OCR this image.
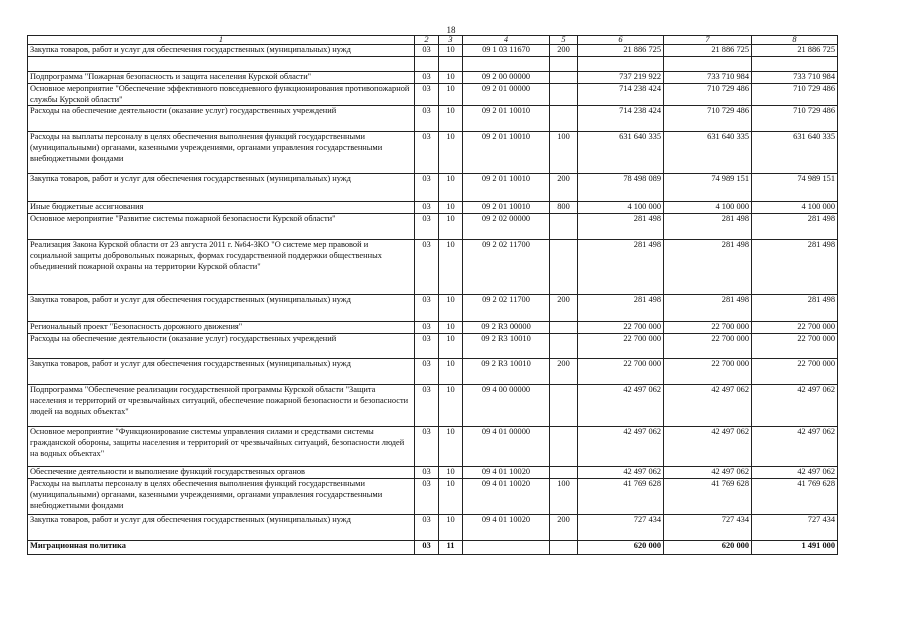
18
1	2	3	4	5	6	7	8
Закупка товаров, работ и услуг для обеспечения государственных (муниципальных) нужд	03	10	09 1 03 11670	200	21 886 725	21 886 725	21 886 725

Подпрограмма "Пожарная безопасность и защита населения Курской области"	03	10	09 2 00 00000		737 219 922	733 710 984	733 710 984
Основное мероприятие "Обеспечение эффективного повседневного функционирования противопожарной службы Курской области"	03	10	09 2 01 00000		714 238 424	710 729 486	710 729 486
Расходы на обеспечение деятельности (оказание услуг) государственных учреждений	03	10	09 2 01 10010		714 238 424	710 729 486	710 729 486
Расходы на выплаты персоналу в целях обеспечения выполнения функций государственными (муниципальными) органами, казенными учреждениями, органами управления государственными внебюджетными фондами	03	10	09 2 01 10010	100	631 640 335	631 640 335	631 640 335
Закупка товаров, работ и услуг для обеспечения государственных (муниципальных) нужд	03	10	09 2 01 10010	200	78 498 089	74 989 151	74 989 151
Иные бюджетные ассигнования	03	10	09 2 01 10010	800	4 100 000	4 100 000	4 100 000
Основное мероприятие "Развитие системы пожарной безопасности Курской области"	03	10	09 2 02 00000		281 498	281 498	281 498
Реализация Закона Курской области от 23 августа 2011 г. №64-ЗКО "О системе мер правовой и социальной защиты добровольных пожарных, формах государственной поддержки общественных объединений пожарной охраны на территории Курской области"	03	10	09 2 02 11700		281 498	281 498	281 498
Закупка товаров, работ и услуг для обеспечения государственных (муниципальных) нужд	03	10	09 2 02 11700	200	281 498	281 498	281 498
Региональный проект "Безопасность дорожного движения"	03	10	09 2 R3 00000		22 700 000	22 700 000	22 700 000
Расходы на обеспечение деятельности (оказание услуг) государственных учреждений	03	10	09 2 R3 10010		22 700 000	22 700 000	22 700 000
Закупка товаров, работ и услуг для обеспечения государственных (муниципальных) нужд	03	10	09 2 R3 10010	200	22 700 000	22 700 000	22 700 000
Подпрограмма "Обеспечение реализации государственной программы Курской области "Защита населения и территорий от чрезвычайных ситуаций, обеспечение пожарной безопасности и безопасности людей на водных объектах"	03	10	09 4 00 00000		42 497 062	42 497 062	42 497 062
Основное мероприятие "Функционирование системы управления силами и средствами системы гражданской обороны, защиты населения и территорий от чрезвычайных ситуаций, безопасности людей на водных объектах"	03	10	09 4 01 00000		42 497 062	42 497 062	42 497 062
Обеспечение деятельности и выполнение функций государственных органов	03	10	09 4 01 10020		42 497 062	42 497 062	42 497 062
Расходы на выплаты персоналу в целях обеспечения выполнения функций государственными (муниципальными) органами, казенными учреждениями, органами управления государственными внебюджетными фондами	03	10	09 4 01 10020	100	41 769 628	41 769 628	41 769 628
Закупка товаров, работ и услуг для обеспечения государственных (муниципальных) нужд	03	10	09 4 01 10020	200	727 434	727 434	727 434
Миграционная политика	03	11			620 000	620 000	1 491 000
